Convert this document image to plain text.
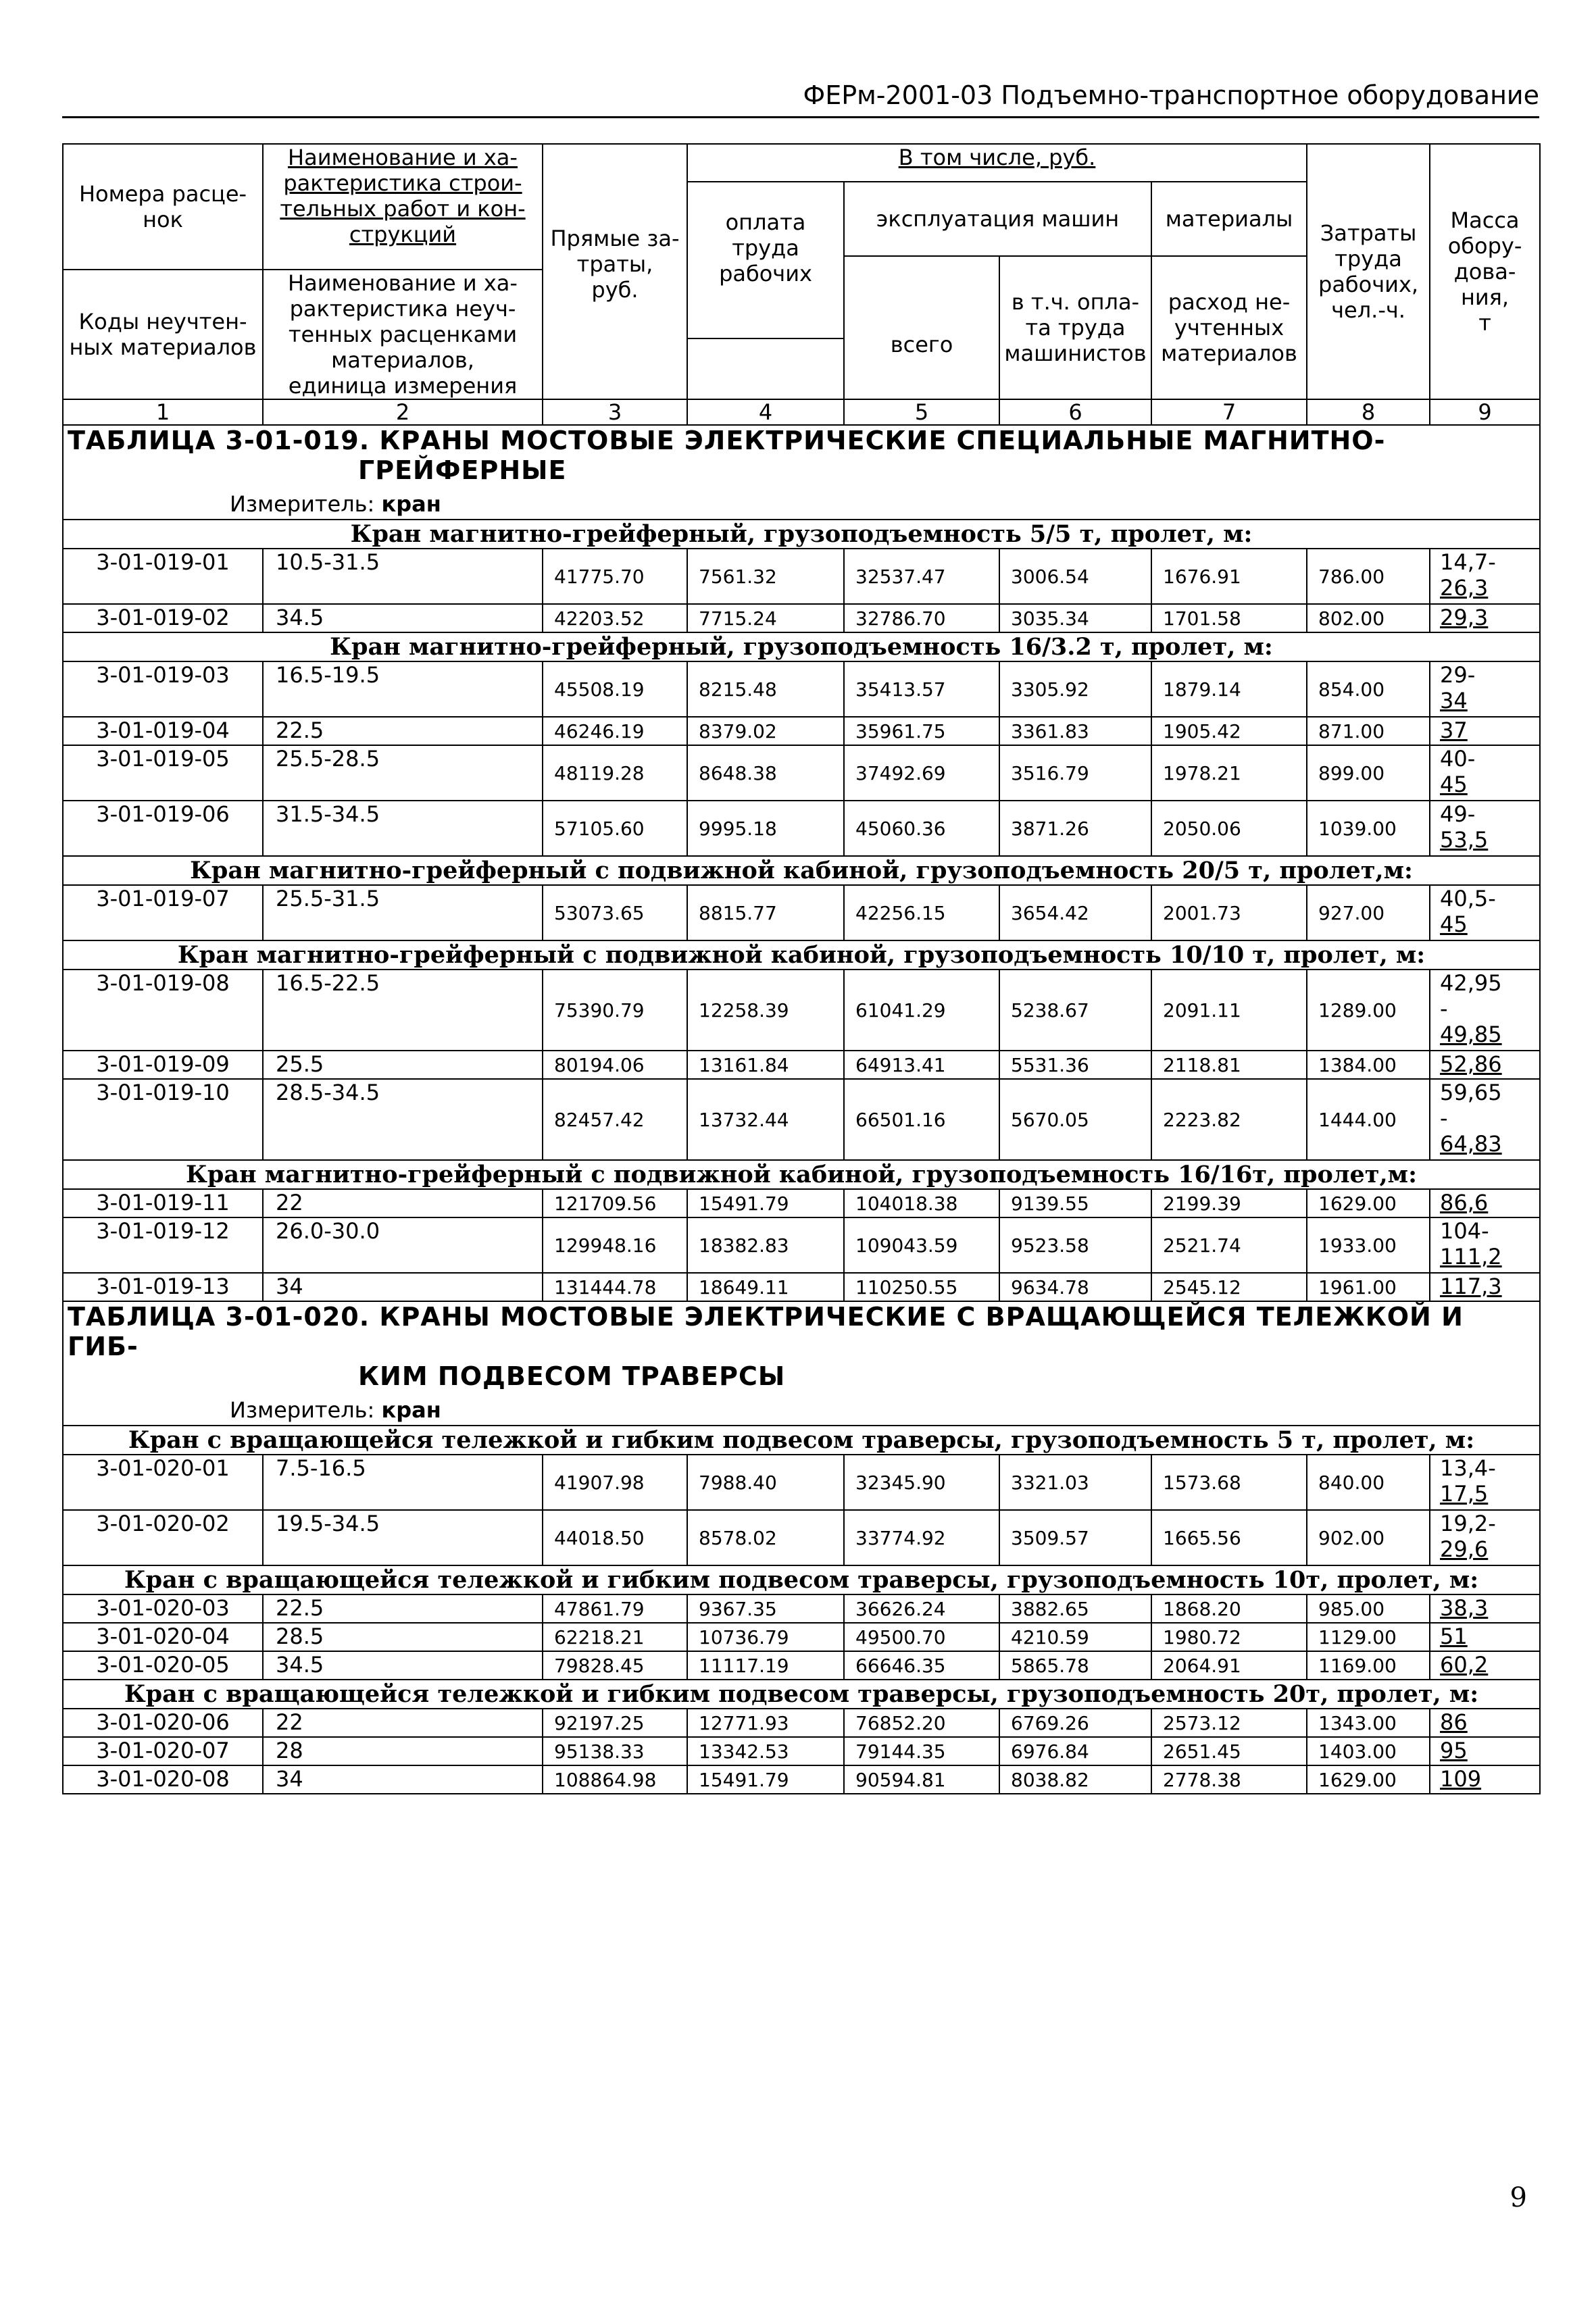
ФЕРм-2001-03 Подъемно-транспортное оборудование
Номера расце-
нок	Наименование и ха-
рактеристика строи-
тельных работ и кон-
струкций	Прямые за-
траты,
руб.	В том числе, руб.				Затраты
труда
рабочих,
чел.-ч.	Масса
обору-
дова-
ния,
т
			оплата труда
рабочих	эксплуатация машин		материалы		
				всего	в т.ч. опла-
та труда
машинистов	расход не-
учтенных
материалов		
Коды неучтен-
ных материалов	Наименование и ха-
рактеристика неуч-
тенных расценками
материалов,
единица измерения							

1	2	3	4	5	6	7	8	9

ТАБЛИЦА 3-01-019. КРАНЫ МОСТОВЫЕ ЭЛЕКТРИЧЕСКИЕ СПЕЦИАЛЬНЫЕ МАГНИТНО-
ГРЕЙФЕРНЫЕ
Измеритель: кран								

Кран магнитно-грейферный, грузоподъемность 5/5 т, пролет, м:								
3-01-019-01	10.5-31.5	41775.70	7561.32	32537.47	3006.54	1676.91	786.00	14,7-
26,3

3-01-019-02	34.5	42203.52	7715.24	32786.70	3035.34	1701.58	802.00	29,3

Кран магнитно-грейферный, грузоподъемность 16/3.2 т, пролет, м:								
3-01-019-03	16.5-19.5	45508.19	8215.48	35413.57	3305.92	1879.14	854.00	29-
34

3-01-019-04	22.5	46246.19	8379.02	35961.75	3361.83	1905.42	871.00	37

3-01-019-05	25.5-28.5	48119.28	8648.38	37492.69	3516.79	1978.21	899.00	40-
45

3-01-019-06	31.5-34.5	57105.60	9995.18	45060.36	3871.26	2050.06	1039.00	49-
53,5

Кран магнитно-грейферный с подвижной кабиной, грузоподъемность 20/5 т, пролет,м:								
3-01-019-07	25.5-31.5	53073.65	8815.77	42256.15	3654.42	2001.73	927.00	40,5-
45

Кран магнитно-грейферный с подвижной кабиной, грузоподъемность 10/10 т, пролет, м:								
3-01-019-08	16.5-22.5	75390.79	12258.39	61041.29	5238.67	2091.11	1289.00	42,95
-
49,85

3-01-019-09	25.5	80194.06	13161.84	64913.41	5531.36	2118.81	1384.00	52,86

3-01-019-10	28.5-34.5	82457.42	13732.44	66501.16	5670.05	2223.82	1444.00	59,65
-
64,83

Кран магнитно-грейферный с подвижной кабиной, грузоподъемность 16/16т, пролет,м:								
3-01-019-11	22	121709.56	15491.79	104018.38	9139.55	2199.39	1629.00	86,6

3-01-019-12	26.0-30.0	129948.16	18382.83	109043.59	9523.58	2521.74	1933.00	104-
111,2

3-01-019-13	34	131444.78	18649.11	110250.55	9634.78	2545.12	1961.00	117,3

ТАБЛИЦА 3-01-020. КРАНЫ МОСТОВЫЕ ЭЛЕКТРИЧЕСКИЕ С ВРАЩАЮЩЕЙСЯ ТЕЛЕЖКОЙ И ГИБ-
КИМ ПОДВЕСОМ ТРАВЕРСЫ
Измеритель: кран								

Кран с вращающейся тележкой и гибким подвесом траверсы, грузоподъемность 5 т, пролет, м:								
3-01-020-01	7.5-16.5	41907.98	7988.40	32345.90	3321.03	1573.68	840.00	13,4-
17,5

3-01-020-02	19.5-34.5	44018.50	8578.02	33774.92	3509.57	1665.56	902.00	19,2-
29,6

Кран с вращающейся тележкой и гибким подвесом траверсы, грузоподъемность 10т, пролет, м:								
3-01-020-03	22.5	47861.79	9367.35	36626.24	3882.65	1868.20	985.00	38,3

3-01-020-04	28.5	62218.21	10736.79	49500.70	4210.59	1980.72	1129.00	51

3-01-020-05	34.5	79828.45	11117.19	66646.35	5865.78	2064.91	1169.00	60,2

Кран с вращающейся тележкой и гибким подвесом траверсы, грузоподъемность 20т, пролет, м:								
3-01-020-06	22	92197.25	12771.93	76852.20	6769.26	2573.12	1343.00	86

3-01-020-07	28	95138.33	13342.53	79144.35	6976.84	2651.45	1403.00	95

3-01-020-08	34	108864.98	15491.79	90594.81	8038.82	2778.38	1629.00	109
9
